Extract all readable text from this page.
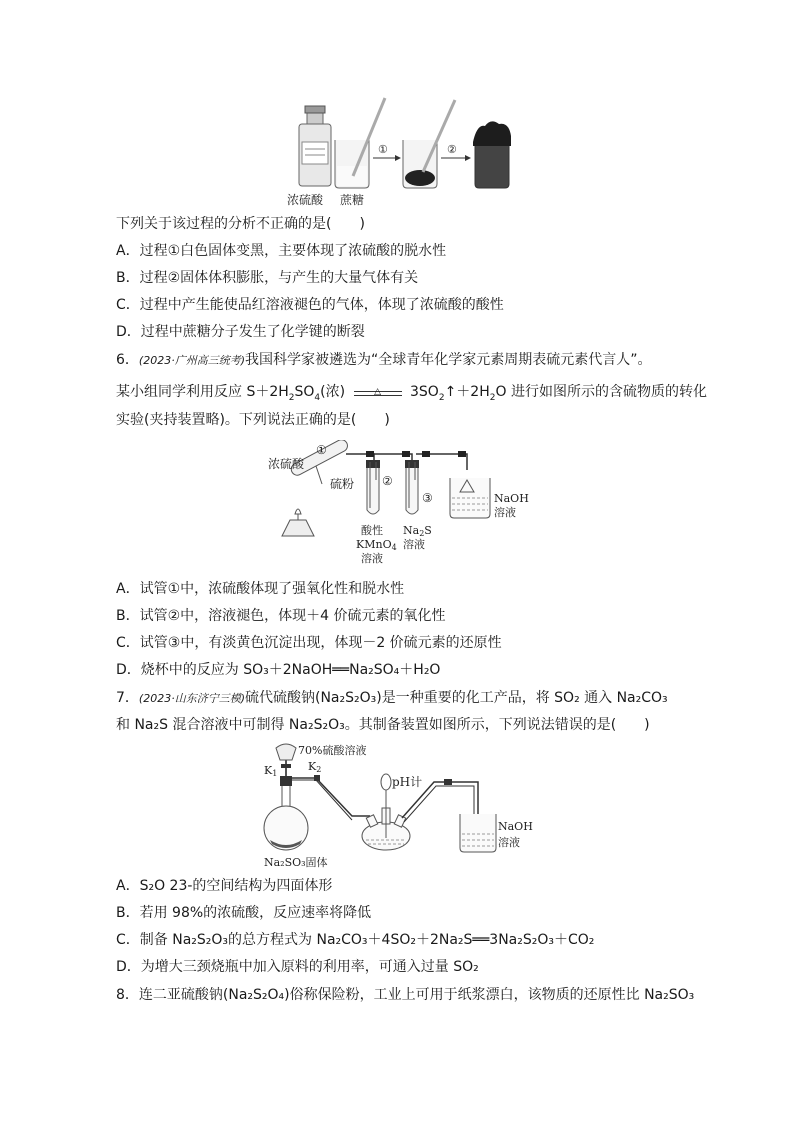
①	②
浓硫酸 蔗糖
下列关于该过程的分析不正确的是(　　)
A．过程①白色固体变黑，主要体现了浓硫酸的脱水性
B．过程②固体体积膨胀，与产生的大量气体有关
C．过程中产生能使品红溶液褪色的气体，体现了浓硫酸的酸性
D．过程中蔗糖分子发生了化学键的断裂
6．(2023·广州高三统考)我国科学家被遴选为“全球青年化学家元素周期表硫元素代言人”。
某小组同学利用反应 $S+2H_2SO_4$(浓)	△	$3SO_2↑+2H_2O$ 进行如图所示的含硫物质的转化
实验(夹持装置略)。下列说法正确的是(　　)
浓硫酸
①
硫粉 ②
③
酸性
KMnO4
溶液
Na2S
溶液
NaOH
溶液
A．试管①中，浓硫酸体现了强氧化性和脱水性
B．试管②中，溶液褪色，体现＋4 价硫元素的氧化性
C．试管③中，有淡黄色沉淀出现，体现－2 价硫元素的还原性
D．烧杯中的反应为 SO₃＋2NaOH══Na₂SO₄＋H₂O
7．(2023·山东济宁三模)硫代硫酸钠(Na₂S₂O₃)是一种重要的化工产品，将 SO₂ 通入 Na₂CO₃
和 Na₂S 混合溶液中可制得 Na₂S₂O₃。其制备装置如图所示，下列说法错误的是(　　)
70%硫酸溶液
K1
K2
pH计
Na₂SO₃固体
NaOH
溶液
A．S₂O 23-的空间结构为四面体形
B．若用 98%的浓硫酸，反应速率将降低
C．制备 Na₂S₂O₃的总方程式为 Na₂CO₃＋4SO₂＋2Na₂S══3Na₂S₂O₃＋CO₂
D．为增大三颈烧瓶中加入原料的利用率，可通入过量 SO₂
8．连二亚硫酸钠(Na₂S₂O₄)俗称保险粉，工业上可用于纸浆漂白，该物质的还原性比 Na₂SO₃
